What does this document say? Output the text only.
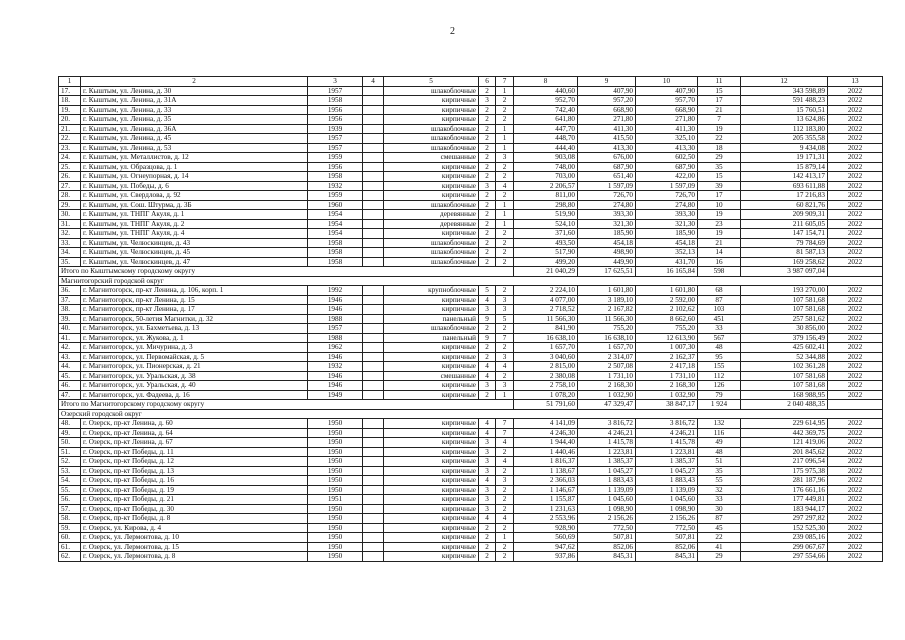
2
1	2	3	4	5	6	7	8	9	10	11	12	13
17.	г. Кыштым, ул. Ленина, д. 30	1957		шлакоблочные	2	1	440,60	407,90	407,90	15	343 598,89	2022
18.	г. Кыштым, ул. Ленина, д. 31А	1958		кирпичные	3	2	952,70	957,20	957,70	17	591 488,23	2022
19.	г. Кыштым, ул. Ленина, д. 33	1956		кирпичные	2	2	742,40	668,90	668,90	21	15 760,51	2022
20.	г. Кыштым, ул. Ленина, д. 35	1956		кирпичные	2	2	641,80	271,80	271,80	7	13 624,86	2022
21.	г. Кыштым, ул. Ленина, д. 36А	1939		шлакоблочные	2	1	447,70	411,30	411,30	19	112 183,80	2022
22.	г. Кыштым, ул. Ленина, д. 45	1957		шлакоблочные	2	1	448,70	415,50	325,10	22	205 355,58	2022
23.	г. Кыштым, ул. Ленина, д. 53	1957		шлакоблочные	2	1	444,40	413,30	413,30	18	9 434,08	2022
24.	г. Кыштым, ул. Металлистов, д. 12	1959		смешанные	2	3	903,08	676,00	602,50	29	19 171,31	2022
25.	г. Кыштым, ул. Образцова, д. 1	1956		кирпичные	2	2	748,00	687,90	687,90	35	15 879,14	2022
26.	г. Кыштым, ул. Огнеупорная, д. 14	1958		кирпичные	2	2	703,00	651,40	422,00	15	142 413,17	2022
27.	г. Кыштым, ул. Победы, д. 6	1932		кирпичные	3	4	2 206,57	1 597,09	1 597,09	39	693 611,88	2022
28.	г. Кыштым, ул. Свердлова, д. 92	1959		кирпичные	2	2	811,00	726,70	726,70	17	17 216,83	2022
29.	г. Кыштым, ул. Сош. Штурма, д. 3Б	1960		шлакоблочные	2	1	298,80	274,80	274,80	10	60 821,76	2022
30.	г. Кыштым, ул. ТНПГ Акуля, д. 1	1954		деревянные	2	1	519,90	393,30	393,30	19	209 909,31	2022
31.	г. Кыштым, ул. ТНПГ Акуля, д. 2	1954		деревянные	2	1	524,10	321,30	321,30	23	211 605,05	2022
32.	г. Кыштым, ул. ТНПГ Акуля, д. 4	1954		кирпичные	2	2	371,60	185,90	185,90	19	147 154,71	2022
33.	г. Кыштым, ул. Челюскинцев, д. 43	1958		шлакоблочные	2	2	493,50	454,18	454,18	21	79 784,69	2022
34.	г. Кыштым, ул. Челюскинцев, д. 45	1958		шлакоблочные	2	2	517,90	498,90	352,13	14	81 587,13	2022
35.	г. Кыштым, ул. Челюскинцев, д. 47	1958		шлакоблочные	2	2	499,20	449,90	431,70	16	169 258,62	2022
Итого по Кыштымскому городскому округу							21 040,29	17 625,51	16 165,84	598	3 987 097,04	
Магнитогорский городской округ												
36.	г. Магнитогорск, пр-кт Ленина, д. 106, корп. 1	1992		крупноблочные	5	2	2 224,10	1 601,80	1 601,80	68	193 270,00	2022
37.	г. Магнитогорск, пр-кт Ленина, д. 15	1946		кирпичные	4	3	4 077,00	3 189,10	2 592,00	87	107 581,68	2022
38.	г. Магнитогорск, пр-кт Ленина, д. 17	1946		кирпичные	3	3	2 718,52	2 167,82	2 102,62	103	107 581,68	2022
39.	г. Магнитогорск, 50-летия Магнитки, д. 32	1988		панельный	9	5	11 566,30	11 566,30	8 662,60	451	257 581,62	2022
40.	г. Магнитогорск, ул. Бахметьева, д. 13	1957		шлакоблочные	2	2	841,90	755,20	755,20	33	30 856,00	2022
41.	г. Магнитогорск, ул. Жукова, д. 1	1988		панельный	9	7	16 638,10	16 638,10	12 613,90	567	379 156,49	2022
42.	г. Магнитогорск, ул. Мичурина, д. 3	1962		кирпичные	2	2	1 657,70	1 657,70	1 007,30	48	425 602,41	2022
43.	г. Магнитогорск, ул. Первомайская, д. 5	1946		кирпичные	2	3	3 040,60	2 314,07	2 162,37	95	52 344,88	2022
44.	г. Магнитогорск, ул. Пионерская, д. 21	1932		кирпичные	4	4	2 815,00	2 507,08	2 417,18	155	102 361,28	2022
45.	г. Магнитогорск, ул. Уральская, д. 38	1946		смешанные	4	2	2 380,08	1 731,10	1 731,10	112	107 581,68	2022
46.	г. Магнитогорск, ул. Уральская, д. 40	1946		кирпичные	3	3	2 758,10	2 168,30	2 168,30	126	107 581,68	2022
47.	г. Магнитогорск, ул. Фадеева, д. 16	1949		кирпичные	2	1	1 078,20	1 032,90	1 032,90	79	168 988,95	2022
Итого по Магнитогорскому городскому округу							51 791,60	47 329,47	38 847,17	1 924	2 040 488,35	
Озерский городской округ												
48.	г. Озерск, пр-кт Ленина, д. 60	1950		кирпичные	4	7	4 141,09	3 816,72	3 816,72	132	229 614,95	2022
49.	г. Озерск, пр-кт Ленина, д. 64	1950		кирпичные	4	7	4 246,30	4 246,21	4 246,21	116	442 369,75	2022
50.	г. Озерск, пр-кт Ленина, д. 67	1950		кирпичные	3	4	1 944,40	1 415,78	1 415,78	49	121 419,06	2022
51.	г. Озерск, пр-кт Победы, д. 11	1950		кирпичные	3	2	1 440,46	1 223,81	1 223,81	48	201 845,62	2022
52.	г. Озерск, пр-кт Победы, д. 12	1950		кирпичные	3	4	1 816,37	1 385,37	1 385,37	51	217 096,54	2022
53.	г. Озерск, пр-кт Победы, д. 13	1950		кирпичные	3	2	1 138,67	1 045,27	1 045,27	35	175 975,38	2022
54.	г. Озерск, пр-кт Победы, д. 16	1950		кирпичные	4	3	2 366,03	1 883,43	1 883,43	55	281 187,96	2022
55.	г. Озерск, пр-кт Победы, д. 19	1950		кирпичные	3	2	1 146,67	1 139,09	1 139,09	32	176 661,16	2022
56.	г. Озерск, пр-кт Победы, д. 21	1951		кирпичные	3	2	1 155,87	1 045,60	1 045,60	33	177 449,81	2022
57.	г. Озерск, пр-кт Победы, д. 30	1950		кирпичные	3	2	1 231,63	1 098,90	1 098,90	30	183 944,17	2022
58.	г. Озерск, пр-кт Победы, д. 8	1950		кирпичные	4	4	2 553,96	2 156,26	2 156,26	87	297 297,82	2022
59.	г. Озерск, ул. Кирова, д. 4	1950		кирпичные	2	2	928,90	772,50	772,50	45	152 525,30	2022
60.	г. Озерск, ул. Лермонтова, д. 10	1950		кирпичные	2	1	560,69	507,81	507,81	22	239 085,16	2022
61.	г. Озерск, ул. Лермонтова, д. 15	1950		кирпичные	2	2	947,62	852,06	852,06	41	299 067,67	2022
62.	г. Озерск, ул. Лермонтова, д. 8	1950		кирпичные	2	2	937,86	845,31	845,31	29	297 554,66	2022
